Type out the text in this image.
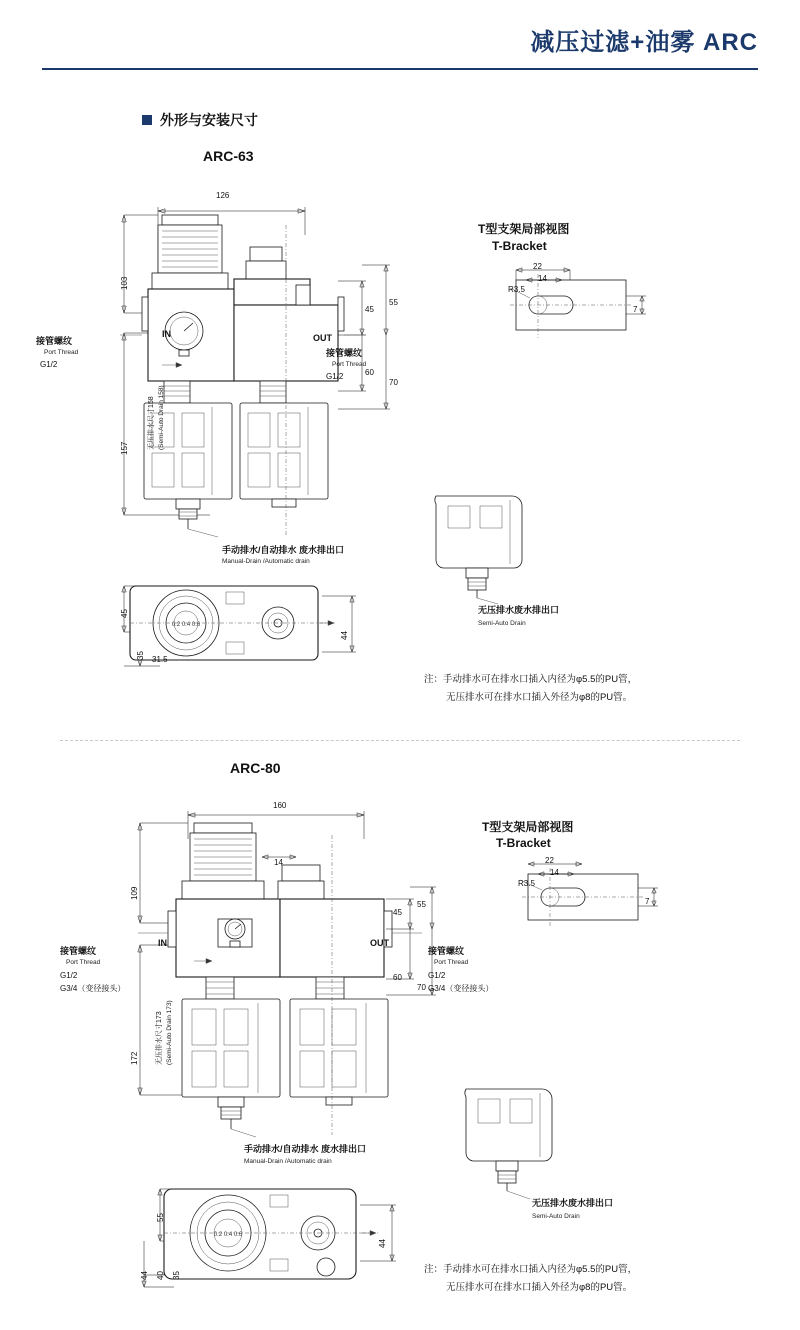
减压过滤+油雾 ARC
外形与安装尺寸
ARC-63
接管螺纹
Port Thread
G1/2
IN	OUT
接管螺纹
Port Thread
G1/2
126
103
157
45
55
60
70
无压排水尺寸158 (Semi-Auto Drain 158)
手动排水/自动排水 废水排出口
Manual-Drain /Automatic drain
0.2 0.4 0.6
45
35 31.5
44
T型支架局部视图
T-Bracket
22
14
R3.5
7
无压排水废水排出口
Semi-Auto Drain
注：手动排水可在排水口插入内径为φ5.5的PU管，
无压排水可在排水口插入外径为φ8的PU管。
ARC-80
160
14
109
172
45
55
60
70
接管螺纹
Port Thread
G1/2
G3/4（变径接头）
IN	OUT
接管螺纹
Port Thread
G1/2
G3/4（变径接头）
无压排水尺寸173 (Semi-Auto Drain 173)
手动排水/自动排水 废水排出口
Manual-Drain /Automatic drain
0.2 0.4 0.6
55
44 40 35
44
T型支架局部视图
T-Bracket
22
14
R3.5
7
无压排水废水排出口
Semi-Auto Drain
注：手动排水可在排水口插入内径为φ5.5的PU管，
无压排水可在排水口插入外径为φ8的PU管。
